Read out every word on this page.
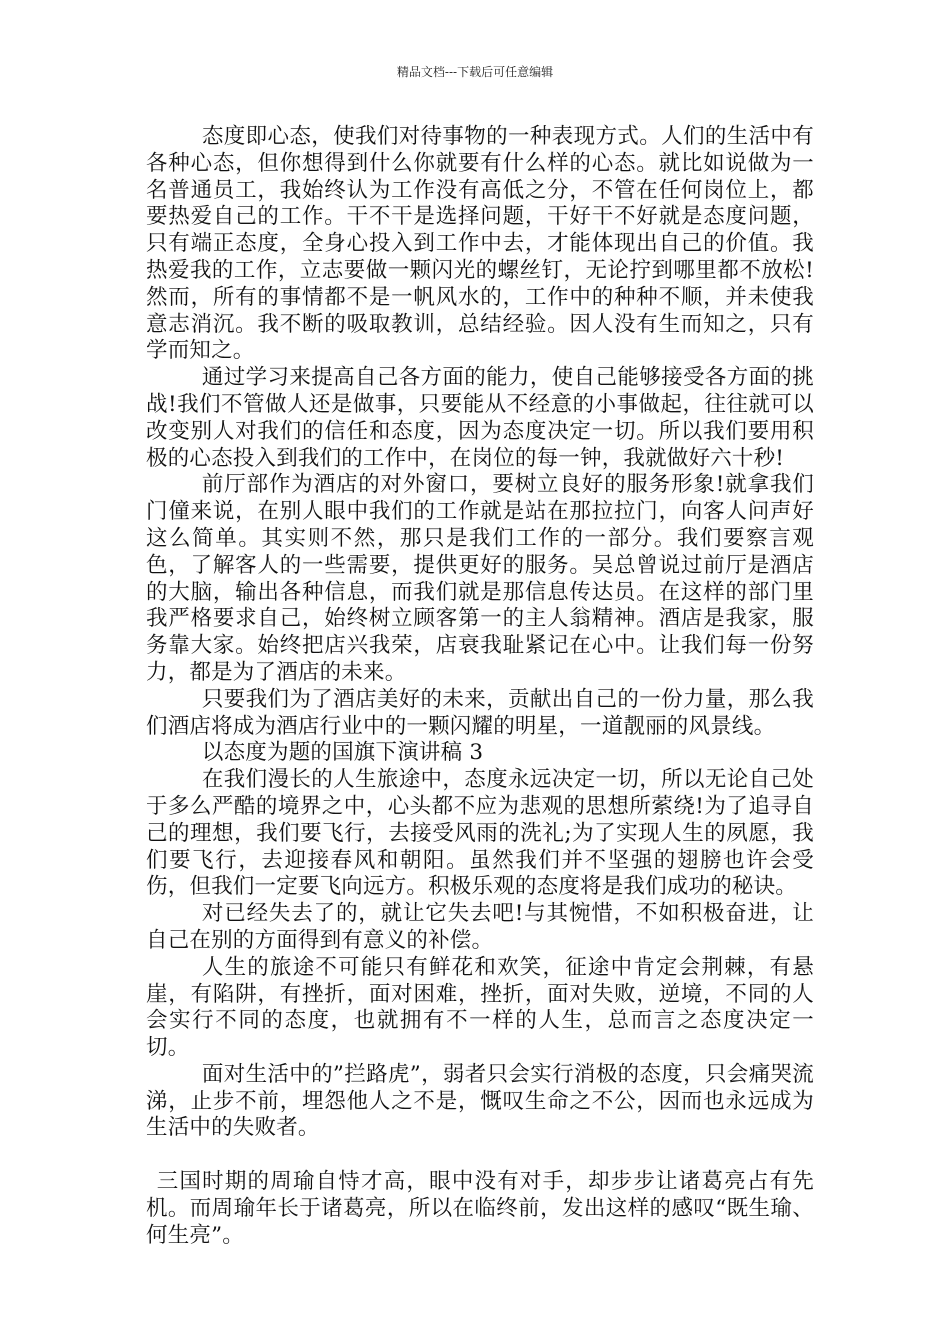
精品文档---下载后可任意编辑

态度即心态，使我们对待事物的一种表现方式。人们的生活中有各种心态，但你想得到什么你就要有什么样的心态。就比如说做为一名普通员工，我始终认为工作没有高低之分，不管在任何岗位上，都要热爱自己的工作。干不干是选择问题，干好干不好就是态度问题，只有端正态度，全身心投入到工作中去，才能体现出自己的价值。我热爱我的工作，立志要做一颗闪光的螺丝钉，无论拧到哪里都不放松!然而，所有的事情都不是一帆风水的，工作中的种种不顺，并未使我意志消沉。我不断的吸取教训，总结经验。因人没有生而知之，只有学而知之。

通过学习来提高自己各方面的能力，使自己能够接受各方面的挑战!我们不管做人还是做事，只要能从不经意的小事做起，往往就可以改变别人对我们的信任和态度，因为态度决定一切。所以我们要用积极的心态投入到我们的工作中，在岗位的每一钟，我就做好六十秒!

前厅部作为酒店的对外窗口，要树立良好的服务形象!就拿我们门僮来说，在别人眼中我们的工作就是站在那拉拉门，向客人问声好这么简单。其实则不然，那只是我们工作的一部分。我们要察言观色，了解客人的一些需要，提供更好的服务。吴总曾说过前厅是酒店的大脑，输出各种信息，而我们就是那信息传达员。在这样的部门里我严格要求自己，始终树立顾客第一的主人翁精神。酒店是我家，服务靠大家。始终把店兴我荣，店衰我耻紧记在心中。让我们每一份努力，都是为了酒店的未来。

只要我们为了酒店美好的未来，贡献出自己的一份力量，那么我们酒店将成为酒店行业中的一颗闪耀的明星，一道靓丽的风景线。

以态度为题的国旗下演讲稿 3

在我们漫长的人生旅途中，态度永远决定一切，所以无论自己处于多么严酷的境界之中，心头都不应为悲观的思想所萦绕!为了追寻自己的理想，我们要飞行，去接受风雨的洗礼;为了实现人生的夙愿，我们要飞行，去迎接春风和朝阳。虽然我们并不坚强的翅膀也许会受伤，但我们一定要飞向远方。积极乐观的态度将是我们成功的秘诀。

对已经失去了的，就让它失去吧!与其惋惜，不如积极奋进，让自己在别的方面得到有意义的补偿。

人生的旅途不可能只有鲜花和欢笑，征途中肯定会荆棘，有悬崖，有陷阱，有挫折，面对困难，挫折，面对失败，逆境，不同的人会实行不同的态度，也就拥有不一样的人生，总而言之态度决定一切。

面对生活中的”拦路虎”，弱者只会实行消极的态度，只会痛哭流涕，止步不前，埋怨他人之不是，慨叹生命之不公，因而也永远成为生活中的失败者。

三国时期的周瑜自恃才高，眼中没有对手，却步步让诸葛亮占有先机。而周瑜年长于诸葛亮，所以在临终前，发出这样的感叹“既生瑜、何生亮”。
